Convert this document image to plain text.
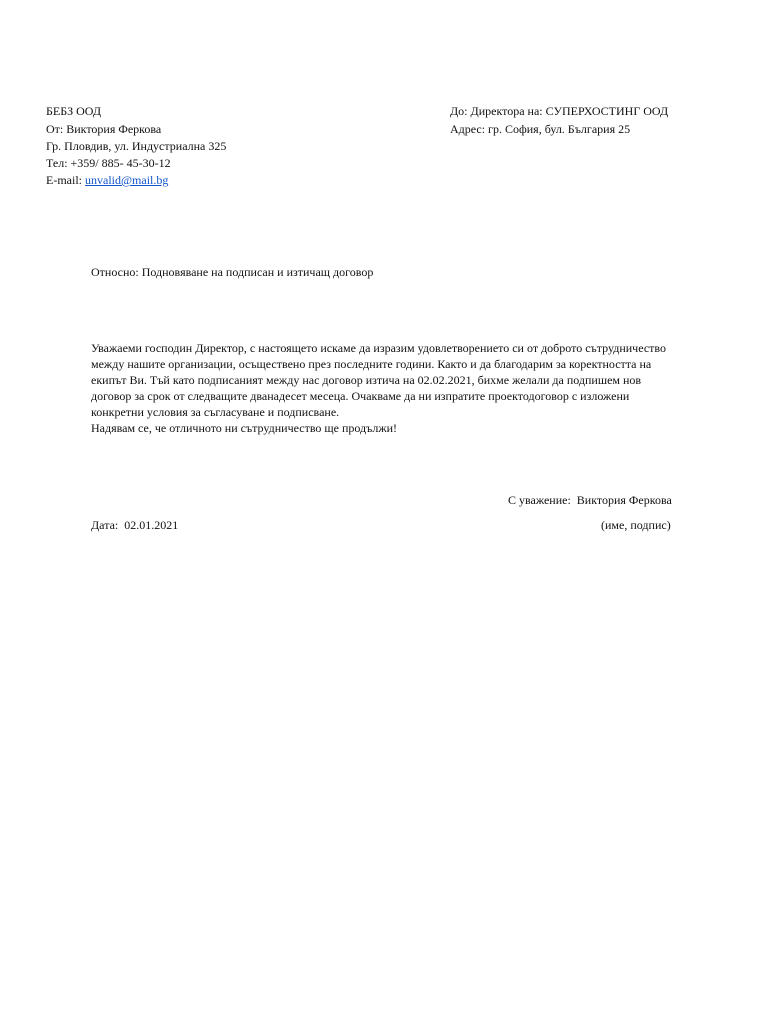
БЕБЗ ООД
От: Виктория Феркова
Гр. Пловдив, ул. Индустриална 325
Тел: +359/ 885- 45-30-12
E-mail: unvalid@mail.bg
До: Директора на: СУПЕРХОСТИНГ ООД
Адрес: гр. София, бул. България 25
Относно: Подновяване на подписан и изтичащ договор
Уважаеми господин Директор, с настоящето искаме да изразим удовлетворението си от доброто сътрудничество
между нашите организации, осъществено през последните години. Както и да благодарим за коректността на
екипът Ви. Тъй като подписаният между нас договор изтича на 02.02.2021, бихме желали да подпишем нов
договор за срок от следващите дванадесет месеца. Очакваме да ни изпратите проектодоговор с изложени
конкретни условия за съгласуване и подписване.
Надявам се, че отличното ни сътрудничество ще продължи!
С уважение:  Виктория Феркова
Дата:  02.01.2021	(име, подпис)
